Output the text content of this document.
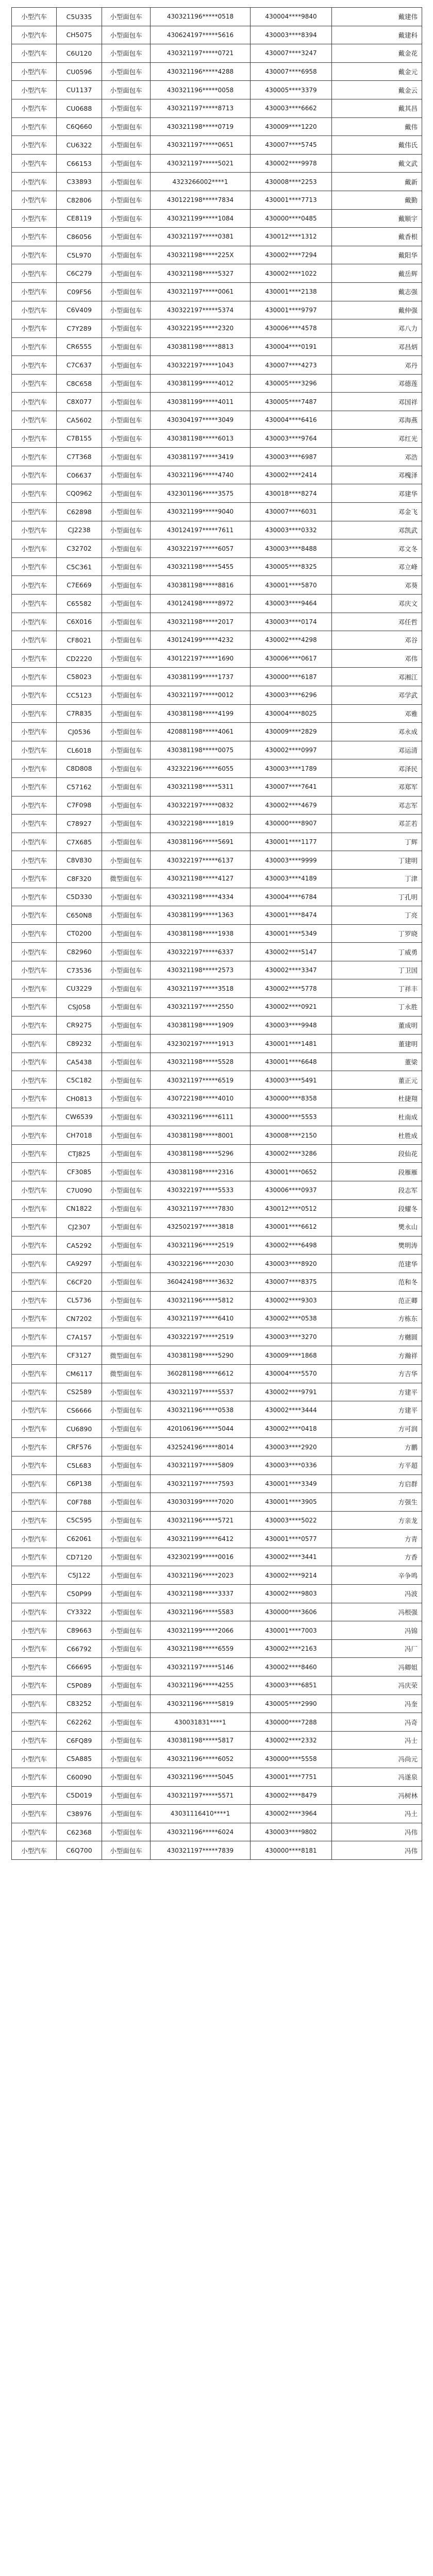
小型汽车	C5U335	小型面包车	430321196*****0518	430004****9840	戴建伟
小型汽车	CH5075	小型面包车	430624197*****5616	430003****8394	戴建科
小型汽车	C6U120	小型面包车	430321197*****0721	430007****3247	戴金花
小型汽车	CU0596	小型面包车	430321196*****4288	430007****6958	戴金元
小型汽车	CU1137	小型面包车	430321196*****0058	430005****3379	戴金云
小型汽车	CU0688	小型面包车	430321197*****8713	430003****6662	戴其昌
小型汽车	C6Q660	小型面包车	430321198*****0719	430009****1220	戴伟
小型汽车	CU6322	小型面包车	430321197*****0651	430007****5745	戴伟氏
小型汽车	C66153	小型面包车	430321197*****5021	430002****9978	戴文武
小型汽车	C33893	小型面包车	4323266002****1	430008****2253	戴新
小型汽车	C82806	小型面包车	430122198*****7834	430001****7713	戴勤
小型汽车	CE8119	小型面包车	430321199*****1084	430000****0485	戴顺宇
小型汽车	C86056	小型面包车	430321197*****0381	430012****1312	戴香根
小型汽车	C5L970	小型面包车	430321198*****225X	430002****7294	戴阳华
小型汽车	C6C279	小型面包车	430321198*****5327	430002****1022	戴岳辉
小型汽车	C09F56	小型面包车	430321197*****0061	430001****2138	戴志强
小型汽车	C6V409	小型面包车	430322197*****5374	430001****9797	戴仲强
小型汽车	C7Y289	小型面包车	430322195*****2320	430006****4578	邓八力
小型汽车	CR6555	小型面包车	430381198*****8813	430004****0191	邓昌炳
小型汽车	C7C637	小型面包车	430322197*****1043	430007****4273	邓丹
小型汽车	C8C658	小型面包车	430381199*****4012	430005****3296	邓德莲
小型汽车	C8X077	小型面包车	430381199*****4011	430005****7487	邓国祥
小型汽车	CA5602	小型面包车	430304197*****3049	430004****6416	邓海燕
小型汽车	C7B155	小型面包车	430381198*****6013	430003****9764	邓红光
小型汽车	C7T368	小型面包车	430381197*****3419	430003****6987	邓浩
小型汽车	C06637	小型面包车	430321196*****4740	430002****2414	邓槐泽
小型汽车	CQ0962	小型面包车	432301196*****3575	430018****8274	邓建华
小型汽车	C62898	小型面包车	430321199*****9040	430007****6031	邓金飞
小型汽车	CJ2238	小型面包车	430124197*****7611	430003****0332	邓凯武
小型汽车	C32702	小型面包车	430322197*****6057	430003****8488	邓文冬
小型汽车	C5C361	小型面包车	430321198*****5455	430005****8325	邓立峰
小型汽车	C7E669	小型面包车	430381198*****8816	430001****5870	邓葵
小型汽车	C65582	小型面包车	430124198*****8972	430003****9464	邓庆文
小型汽车	C6X016	小型面包车	430321198*****2017	430003****0174	邓任哲
小型汽车	CF8021	小型面包车	430124199*****4232	430002****4298	邓谷
小型汽车	CD2220	小型面包车	430122197*****1690	430006****0617	邓伟
小型汽车	C58023	小型面包车	430381199*****1737	430000****6187	邓湘江
小型汽车	CC5123	小型面包车	430321197*****0012	430003****6296	邓学武
小型汽车	C7R835	小型面包车	430381198*****4199	430004****8025	邓雅
小型汽车	CJ0536	小型面包车	420881198*****4061	430009****2829	邓永成
小型汽车	CL6018	小型面包车	430381198*****0075	430002****0997	邓运清
小型汽车	C8D808	小型面包车	432322196*****6055	430003****1789	邓泽民
小型汽车	C57162	小型面包车	430321198*****5311	430007****7641	邓郑军
小型汽车	C7F098	小型面包车	430322197*****0832	430002****4679	邓志军
小型汽车	C78927	小型面包车	430322198*****1819	430000****8907	邓芷若
小型汽车	C7X685	小型面包车	430381196*****5691	430001****1177	丁辉
小型汽车	C8V830	小型面包车	430322197*****6137	430003****9999	丁建明
小型汽车	C8F320	微型面包车	430321198*****4127	430003****4189	丁津
小型汽车	C5D330	小型面包车	430321198*****4334	430004****6784	丁孔明
小型汽车	C650N8	小型面包车	430381199*****1363	430001****8474	丁亮
小型汽车	CT0200	小型面包车	430381198*****1938	430001****5349	丁罗晓
小型汽车	C82960	小型面包车	430322197*****6337	430002****5147	丁威勇
小型汽车	C73536	小型面包车	430321198*****2573	430002****3347	丁卫国
小型汽车	CU3229	小型面包车	430321197*****3518	430002****5778	丁祥丰
小型汽车	CSJ058	小型面包车	430321197*****2550	430002****0921	丁永胜
小型汽车	CR9275	小型面包车	430381198*****1909	430003****9948	董成明
小型汽车	C89232	小型面包车	432302197*****1913	430001****1481	董建明
小型汽车	CA5438	小型面包车	430321198*****5528	430001****6648	董梁
小型汽车	C5C182	小型面包车	430321197*****6519	430003****5491	董正元
小型汽车	CH0813	小型面包车	430722198*****4010	430000****8358	杜捷翔
小型汽车	CW6539	小型面包车	430321196*****6111	430000****5553	杜南成
小型汽车	CH7018	小型面包车	430381198*****8001	430008****2150	杜胜成
小型汽车	CTJ825	小型面包车	430381198*****5296	430002****3286	段仙花
小型汽车	CF3085	小型面包车	430381198*****2316	430001****0652	段雁雁
小型汽车	C7U090	小型面包车	430322197*****5533	430006****0937	段志军
小型汽车	CN1822	小型面包车	430321197*****7830	430012****0512	段耀冬
小型汽车	CJ2307	小型面包车	432502197*****3818	430001****6612	樊永山
小型汽车	CA5292	小型面包车	430321196*****2519	430002****6498	樊明涛
小型汽车	CA9297	小型面包车	430322196*****2030	430003****8920	范建华
小型汽车	C6CF20	小型面包车	360424198*****3632	430007****8375	范和冬
小型汽车	CL5736	小型面包车	430321196*****5812	430002****9303	范正卿
小型汽车	CN7202	小型面包车	430321197*****6410	430002****0538	方栋东
小型汽车	C7A157	小型面包车	430322197*****2519	430003****3270	方樾圆
小型汽车	CF3127	微型面包车	430381198*****5290	430009****1868	方瀚祥
小型汽车	CM6117	微型面包车	360281198*****6612	430004****5570	方吉华
小型汽车	CS2589	小型面包车	430321197*****5537	430002****9791	方建平
小型汽车	CS6666	小型面包车	430321196*****0538	430002****3444	方建平
小型汽车	CU6890	小型面包车	420106196*****5044	430002****0418	方可润
小型汽车	CRF576	小型面包车	432524196*****8014	430003****2920	方鹏
小型汽车	C5L683	小型面包车	430321197*****5809	430003****0336	方平超
小型汽车	C6P138	小型面包车	430321197*****7593	430001****3349	方启群
小型汽车	C0F788	小型面包车	430303199*****7020	430001****3905	方强生
小型汽车	C5C595	小型面包车	430321196*****5721	430003****5022	方亲龙
小型汽车	C62061	小型面包车	430321199*****6412	430001****0577	方青
小型汽车	CD7120	小型面包车	432302199*****0016	430002****3441	方香
小型汽车	C5J122	小型面包车	430321196*****2023	430002****9214	辛争鸣
小型汽车	C50P99	小型面包车	430321198*****3337	430002****9803	冯波
小型汽车	CY3322	小型面包车	430321196*****5583	430000****3606	冯根强
小型汽车	C89663	小型面包车	430321199*****2066	430001****7003	冯锦
小型汽车	C66792	小型面包车	430321198*****6559	430002****2163	冯厂
小型汽车	C66695	小型面包车	430321197*****5146	430002****8460	冯卿姐
小型汽车	C5P089	小型面包车	430321196*****4255	430003****6851	冯庆荣
小型汽车	C83252	小型面包车	430321196*****5819	430005****2990	冯奎
小型汽车	C62262	小型面包车	430031831****1	430000****7288	冯奇
小型汽车	C6FQ89	小型面包车	430381198*****5817	430002****2332	冯士
小型汽车	C5A885	小型面包车	430321196*****6052	430000****5558	冯尚元
小型汽车	C60090	小型面包车	430321196*****5045	430001****7751	冯遂泉
小型汽车	C5D019	小型面包车	430321197*****5571	430002****8479	冯树林
小型汽车	C38976	小型面包车	43031116410****1	430002****3964	冯土
小型汽车	C62368	小型面包车	430321196*****6024	430003****9802	冯伟
小型汽车	C6Q700	小型面包车	430321197*****7839	430000****8181	冯伟
